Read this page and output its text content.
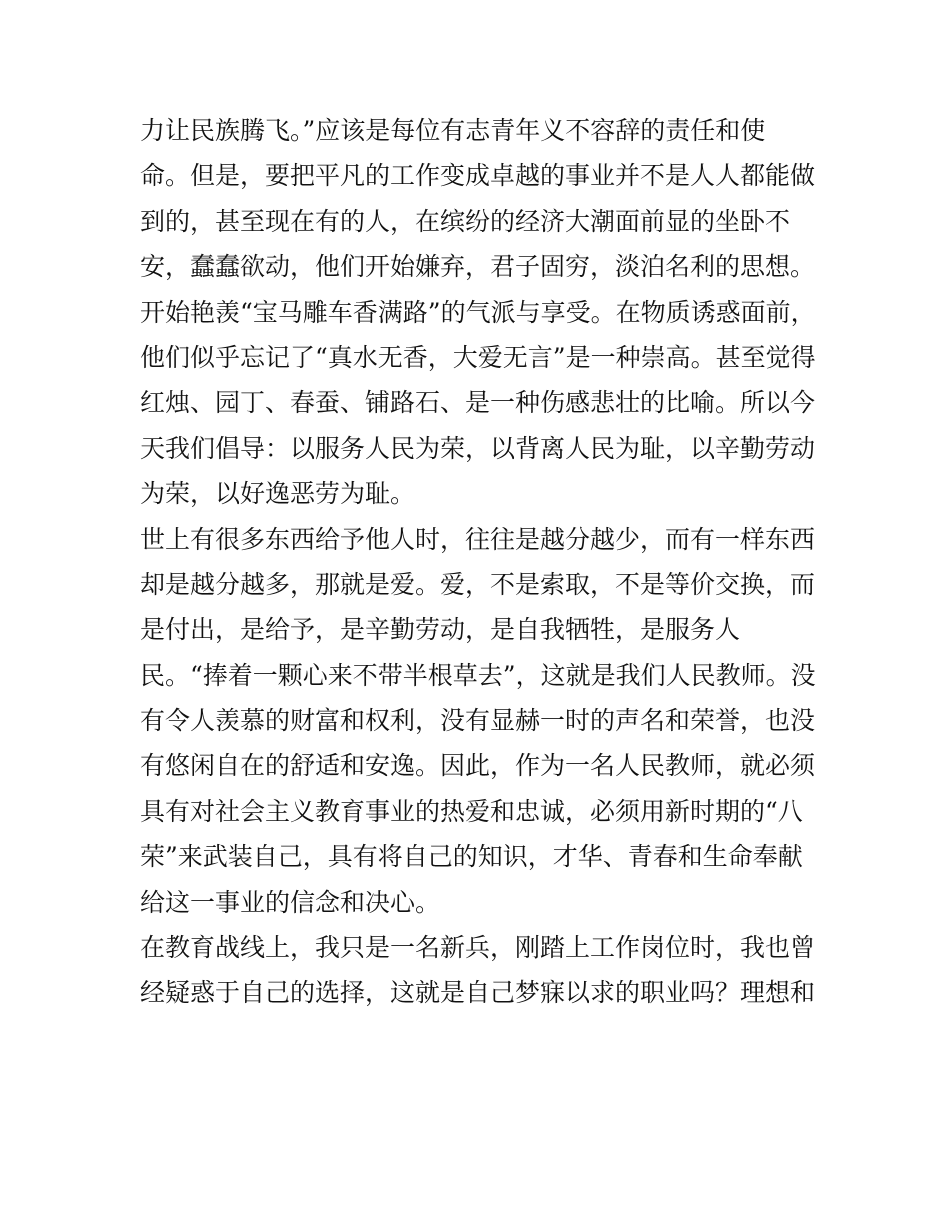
力让民族腾飞。”应该是每位有志青年义不容辞的责任和使
命。但是，要把平凡的工作变成卓越的事业并不是人人都能做
到的，甚至现在有的人，在缤纷的经济大潮面前显的坐卧不
安，蠢蠢欲动，他们开始嫌弃，君子固穷，淡泊名利的思想。
开始艳羡“宝马雕车香满路”的气派与享受。在物质诱惑面前，
他们似乎忘记了“真水无香，大爱无言”是一种崇高。甚至觉得
红烛、园丁、春蚕、铺路石、是一种伤感悲壮的比喻。所以今
天我们倡导：以服务人民为荣，以背离人民为耻，以辛勤劳动
为荣，以好逸恶劳为耻。
世上有很多东西给予他人时，往往是越分越少，而有一样东西
却是越分越多，那就是爱。爱，不是索取，不是等价交换，而
是付出，是给予，是辛勤劳动，是自我牺牲，是服务人
民。“捧着一颗心来不带半根草去”，这就是我们人民教师。没
有令人羡慕的财富和权利，没有显赫一时的声名和荣誉，也没
有悠闲自在的舒适和安逸。因此，作为一名人民教师，就必须
具有对社会主义教育事业的热爱和忠诚，必须用新时期的“八
荣”来武装自己，具有将自己的知识，才华、青春和生命奉献
给这一事业的信念和决心。
在教育战线上，我只是一名新兵，刚踏上工作岗位时，我也曾
经疑惑于自己的选择，这就是自己梦寐以求的职业吗？理想和
